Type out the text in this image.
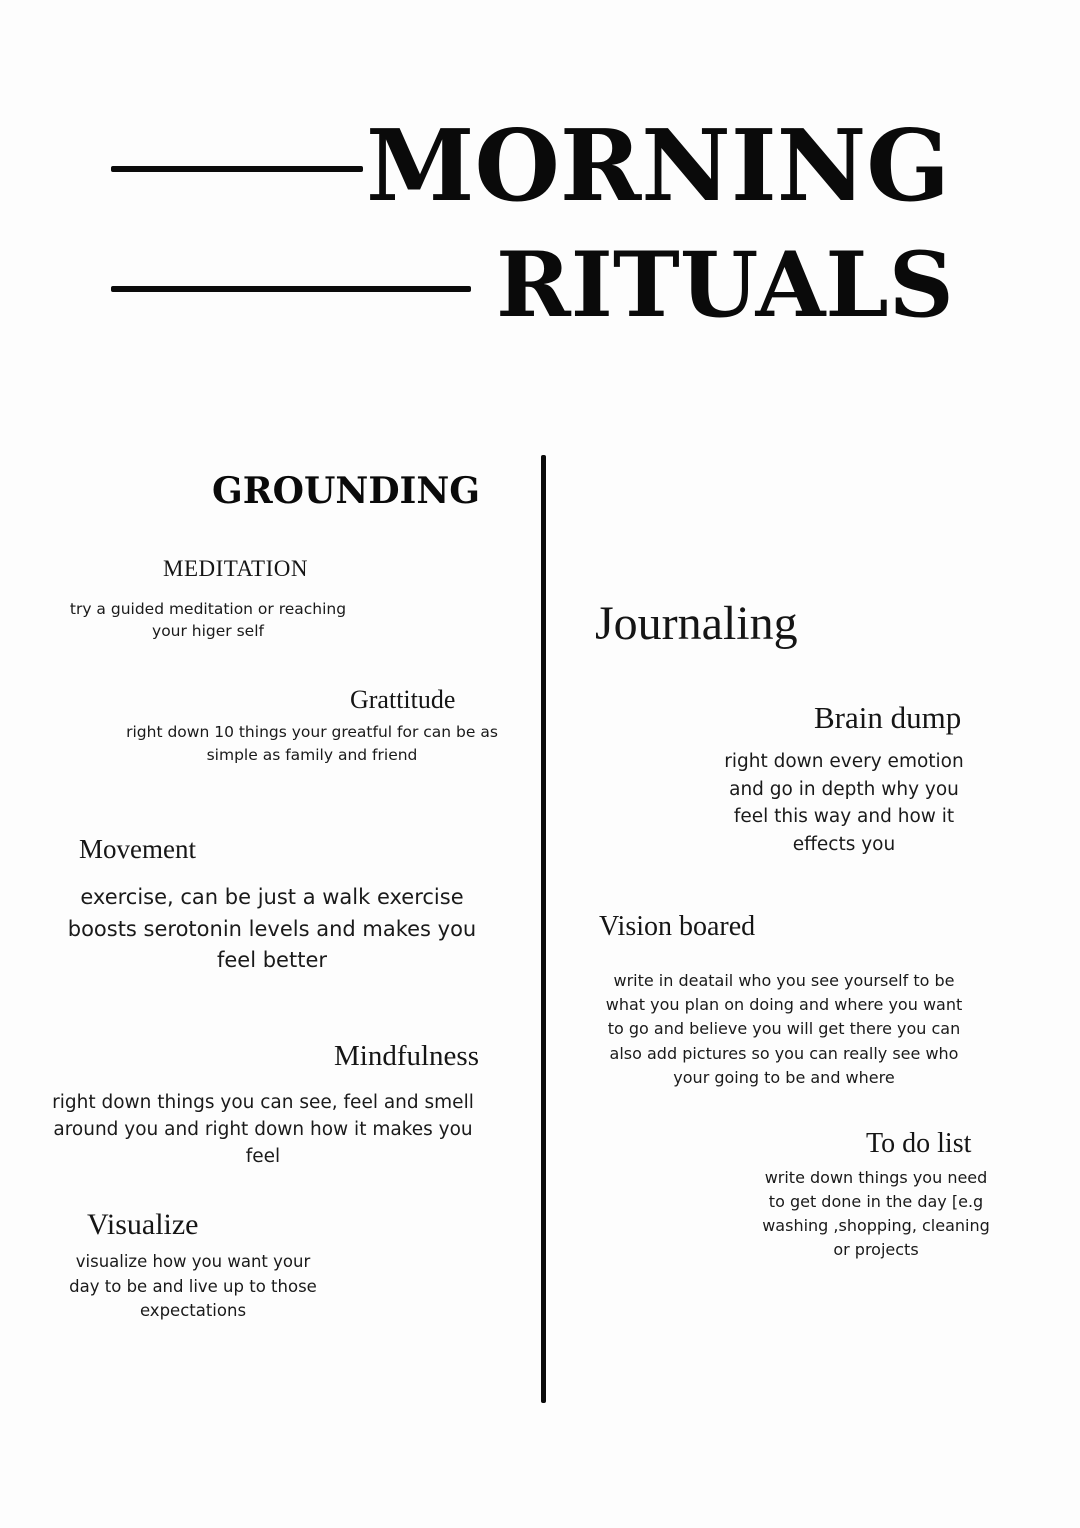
MORNING
RITUALS
GROUNDING
MEDITATION
try a guided meditation or reaching your higer self
Grattitude
right down 10 things your greatful for can be as simple as family and friend
Movement
exercise, can be just a walk exercise boosts serotonin levels and makes you feel better
Mindfulness
right down things you can see, feel and smell around you and right down how it makes you feel
Visualize
visualize how you want your day to be and live up to those expectations
Journaling
Brain dump
right down every emotion and go in depth why you feel this way and how it effects you
Vision boared
write in deatail who you see yourself to be what you plan on doing and where you want to go and believe you will get there you can also add pictures so you can really see who your going to be and where
To do list
write down things you need to get done in the day [e.g washing ,shopping, cleaning or projects
